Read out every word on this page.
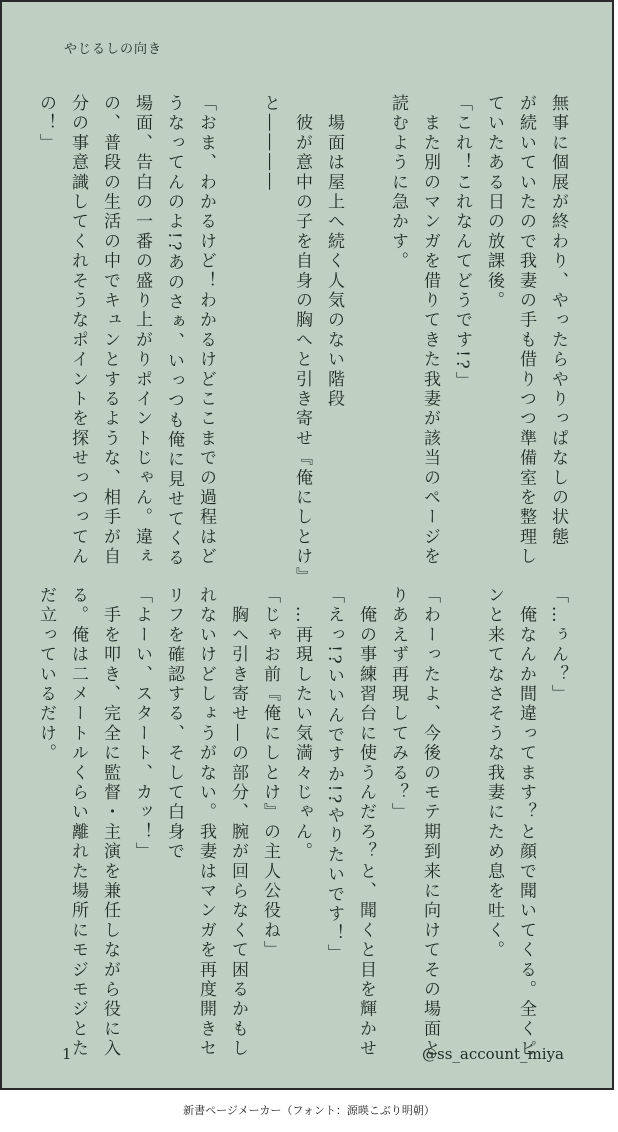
やじるしの向き
無事に個展が終わり、やったらやりっぱなしの状態
が続いていたので我妻の手も借りつつ準備室を整理し
ていたある日の放課後。
「これ！これなんてどうです!?」
　また別のマンガを借りてきた我妻が該当のページを
読むように急かす。
　場面は屋上へ続く人気のない階段
　彼が意中の子を自身の胸へと引き寄せ『俺にしとけ』
と――――
「おま、わかるけど！わかるけどここまでの過程はど
うなってんのよ!?あのさぁ、いっつも俺に見せてくる
場面、告白の一番の盛り上がりポイントじゃん。違ぇ
の、普段の生活の中でキュンとするような、相手が自
分の事意識してくれそうなポイントを探せっつってん
の！」
「…ぅん？」
　俺なんか間違ってます？と顔で聞いてくる。全くピ
ンと来てなさそうな我妻にため息を吐く。
「わーったよ、今後のモテ期到来に向けてその場面と
りあえず再現してみる？」
　俺の事練習台に使うんだろ？と、聞くと目を輝かせ
「えっ!?いいんですか!?やりたいです！」
　…再現したい気満々じゃん。
「じゃお前『俺にしとけ』の主人公役ね」
　胸へ引き寄せ―の部分、腕が回らなくて困るかもし
れないけどしょうがない。我妻はマンガを再度開きセ
リフを確認する、そして白身で
「よーい、スタート、カッ！」
　手を叩き、完全に監督・主演を兼任しながら役に入
る。俺は二メートルくらい離れた場所にモジモジとた
だ立っているだけ。
1	@ss_account_miya
新書ページメーカー（フォント：源暎こぶり明朝）
